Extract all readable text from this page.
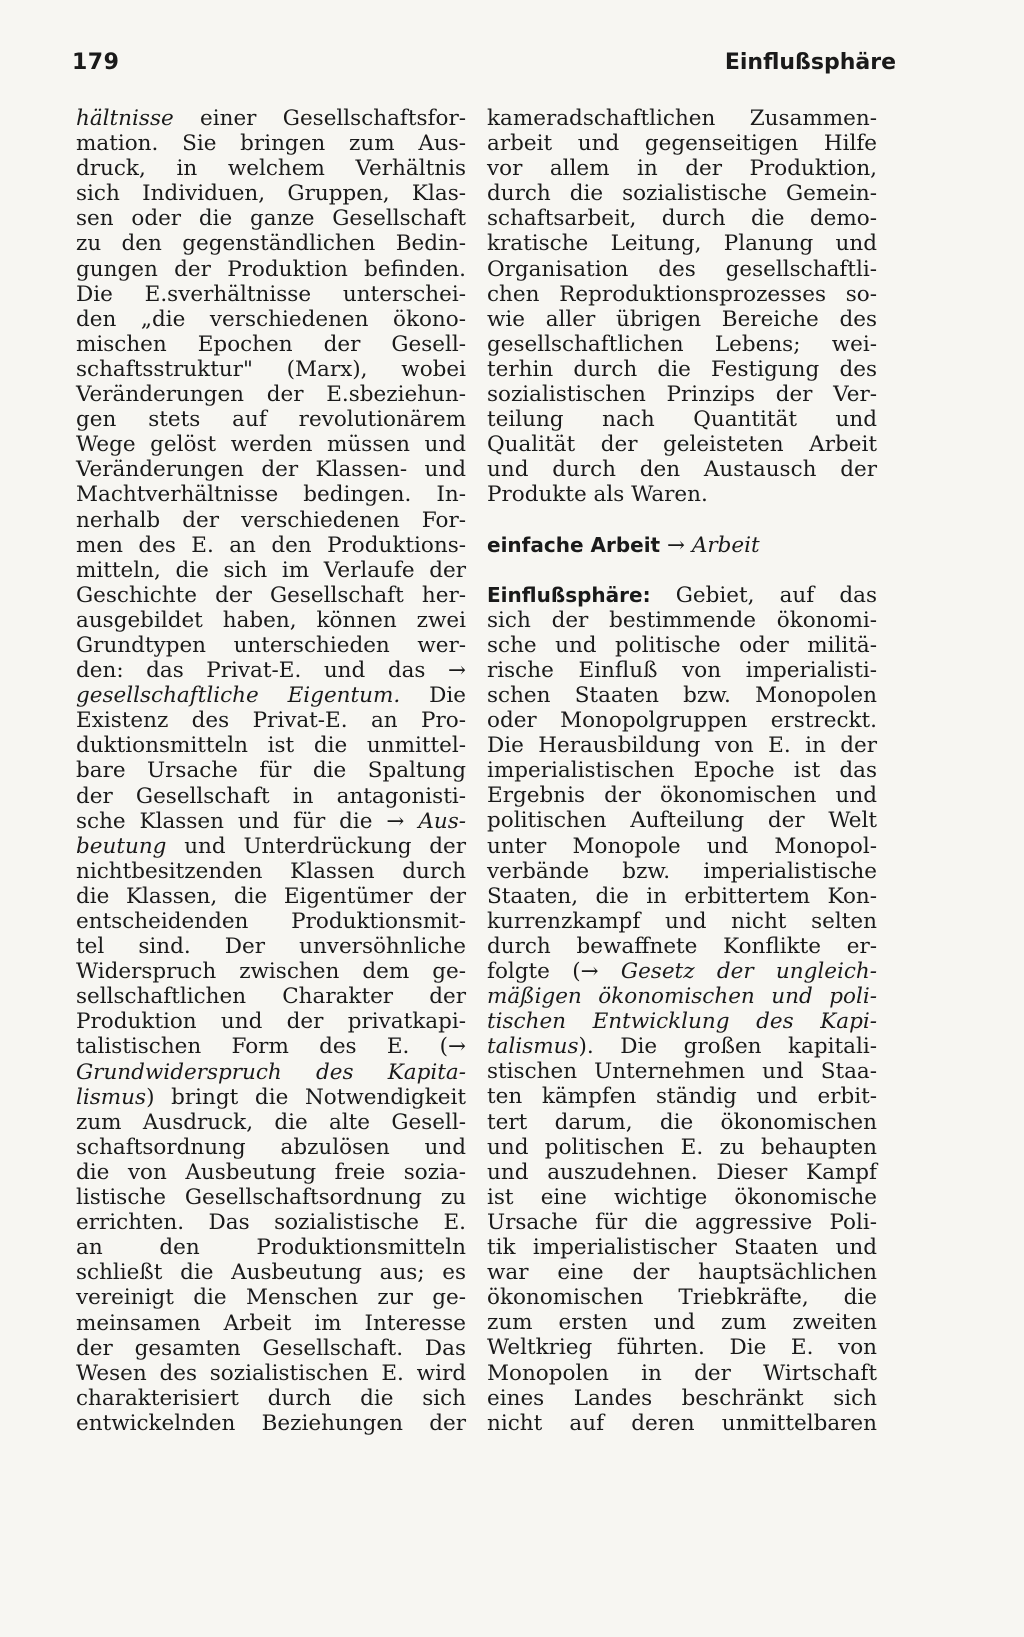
179	Einflußsphäre
hältnisse einer Gesellschaftsfor-
mation. Sie bringen zum Aus-
druck, in welchem Verhältnis
sich Individuen, Gruppen, Klas-
sen oder die ganze Gesellschaft
zu den gegenständlichen Bedin-
gungen der Produktion befinden.
Die E.sverhältnisse unterschei-
den „die verschiedenen ökono-
mischen Epochen der Gesell-
schaftsstruktur" (Marx), wobei
Veränderungen der E.sbeziehun-
gen stets auf revolutionärem
Wege gelöst werden müssen und
Veränderungen der Klassen- und
Machtverhältnisse bedingen. In-
nerhalb der verschiedenen For-
men des E. an den Produktions-
mitteln, die sich im Verlaufe der
Geschichte der Gesellschaft her-
ausgebildet haben, können zwei
Grundtypen unterschieden wer-
den: das Privat-E. und das →
gesellschaftliche Eigentum. Die
Existenz des Privat-E. an Pro-
duktionsmitteln ist die unmittel-
bare Ursache für die Spaltung
der Gesellschaft in antagonisti-
sche Klassen und für die → Aus-
beutung und Unterdrückung der
nichtbesitzenden Klassen durch
die Klassen, die Eigentümer der
entscheidenden Produktionsmit-
tel sind. Der unversöhnliche
Widerspruch zwischen dem ge-
sellschaftlichen Charakter der
Produktion und der privatkapi-
talistischen Form des E. (→
Grundwiderspruch des Kapita-
lismus) bringt die Notwendigkeit
zum Ausdruck, die alte Gesell-
schaftsordnung abzulösen und
die von Ausbeutung freie sozia-
listische Gesellschaftsordnung zu
errichten. Das sozialistische E.
an den Produktionsmitteln
schließt die Ausbeutung aus; es
vereinigt die Menschen zur ge-
meinsamen Arbeit im Interesse
der gesamten Gesellschaft. Das
Wesen des sozialistischen E. wird
charakterisiert durch die sich
entwickelnden Beziehungen der
kameradschaftlichen Zusammen-
arbeit und gegenseitigen Hilfe
vor allem in der Produktion,
durch die sozialistische Gemein-
schaftsarbeit, durch die demo-
kratische Leitung, Planung und
Organisation des gesellschaftli-
chen Reproduktionsprozesses so-
wie aller übrigen Bereiche des
gesellschaftlichen Lebens; wei-
terhin durch die Festigung des
sozialistischen Prinzips der Ver-
teilung nach Quantität und
Qualität der geleisteten Arbeit
und durch den Austausch der
Produkte als Waren.
einfache Arbeit → Arbeit
Einflußsphäre: Gebiet, auf das
sich der bestimmende ökonomi-
sche und politische oder militä-
rische Einfluß von imperialisti-
schen Staaten bzw. Monopolen
oder Monopolgruppen erstreckt.
Die Herausbildung von E. in der
imperialistischen Epoche ist das
Ergebnis der ökonomischen und
politischen Aufteilung der Welt
unter Monopole und Monopol-
verbände bzw. imperialistische
Staaten, die in erbittertem Kon-
kurrenzkampf und nicht selten
durch bewaffnete Konflikte er-
folgte (→ Gesetz der ungleich-
mäßigen ökonomischen und poli-
tischen Entwicklung des Kapi-
talismus). Die großen kapitali-
stischen Unternehmen und Staa-
ten kämpfen ständig und erbit-
tert darum, die ökonomischen
und politischen E. zu behaupten
und auszudehnen. Dieser Kampf
ist eine wichtige ökonomische
Ursache für die aggressive Poli-
tik imperialistischer Staaten und
war eine der hauptsächlichen
ökonomischen Triebkräfte, die
zum ersten und zum zweiten
Weltkrieg führten. Die E. von
Monopolen in der Wirtschaft
eines Landes beschränkt sich
nicht auf deren unmittelbaren
